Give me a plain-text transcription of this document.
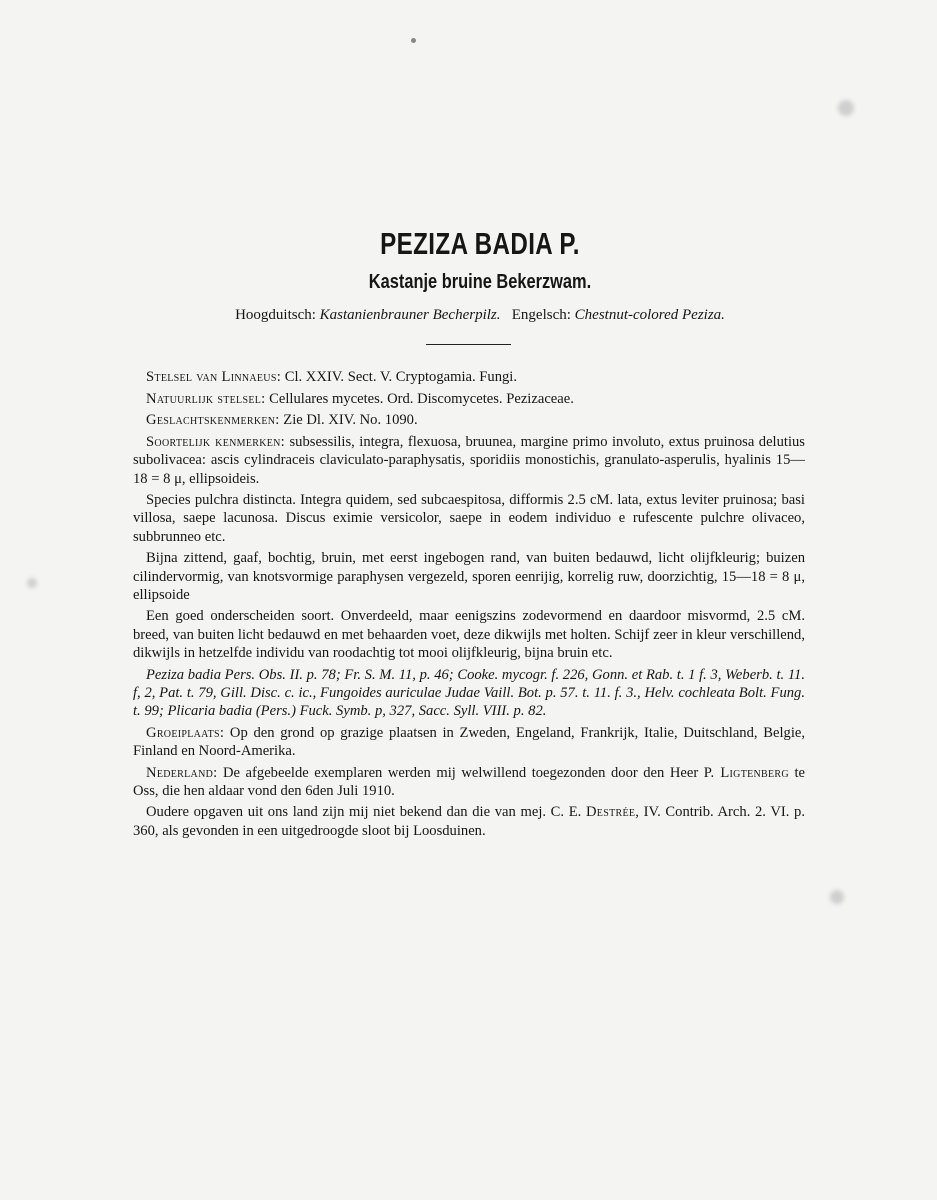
PEZIZA BADIA P.
Kastanje bruine Bekerzwam.
Hoogduitsch: Kastanienbrauner Becherpilz. Engelsch: Chestnut-colored Peziza.

Stelsel van Linnaeus: Cl. XXIV. Sect. V. Cryptogamia. Fungi.

Natuurlijk stelsel: Cellulares mycetes. Ord. Discomycetes. Pezizaceae.

Geslachtskenmerken: Zie Dl. XIV. No. 1090.

Soortelijk kenmerken: subsessilis, integra, flexuosa, bruunea, margine primo involuto, extus pruinosa delutius subolivacea: ascis cylindraceis claviculato-paraphysatis, sporidiis monostichis, granulato-asperulis, hyalinis 15—18 = 8 μ, ellipsoideis.

Species pulchra distincta. Integra quidem, sed subcaespitosa, difformis 2.5 cM. lata, extus leviter pruinosa; basi villosa, saepe lacunosa. Discus eximie versicolor, saepe in eodem individuo e rufescente pulchre olivaceo, subbrunneo etc.

Bijna zittend, gaaf, bochtig, bruin, met eerst ingebogen rand, van buiten bedauwd, licht olijfkleurig; buizen cilindervormig, van knotsvormige paraphysen vergezeld, sporen eenrijig, korrelig ruw, doorzichtig, 15—18 = 8 μ, ellipsoide

Een goed onderscheiden soort. Onverdeeld, maar eenigszins zodevormend en daardoor misvormd, 2.5 cM. breed, van buiten licht bedauwd en met behaarden voet, deze dikwijls met holten. Schijf zeer in kleur verschillend, dikwijls in hetzelfde individu van roodachtig tot mooi olijfkleurig, bijna bruin etc.

Peziza badia Pers. Obs. II. p. 78; Fr. S. M. 11, p. 46; Cooke. mycogr. f. 226, Gonn. et Rab. t. 1 f. 3, Weberb. t. 11. f, 2, Pat. t. 79, Gill. Disc. c. ic., Fungoides auriculae Judae Vaill. Bot. p. 57. t. 11. f. 3., Helv. cochleata Bolt. Fung. t. 99; Plicaria badia (Pers.) Fuck. Symb. p, 327, Sacc. Syll. VIII. p. 82.

Groeiplaats: Op den grond op grazige plaatsen in Zweden, Engeland, Frankrijk, Italie, Duitschland, Belgie, Finland en Noord-Amerika.

Nederland: De afgebeelde exemplaren werden mij welwillend toegezonden door den Heer P. Ligtenberg te Oss, die hen aldaar vond den 6den Juli 1910.

Oudere opgaven uit ons land zijn mij niet bekend dan die van mej. C. E. Destrée, IV. Contrib. Arch. 2. VI. p. 360, als gevonden in een uitgedroogde sloot bij Loosduinen.
